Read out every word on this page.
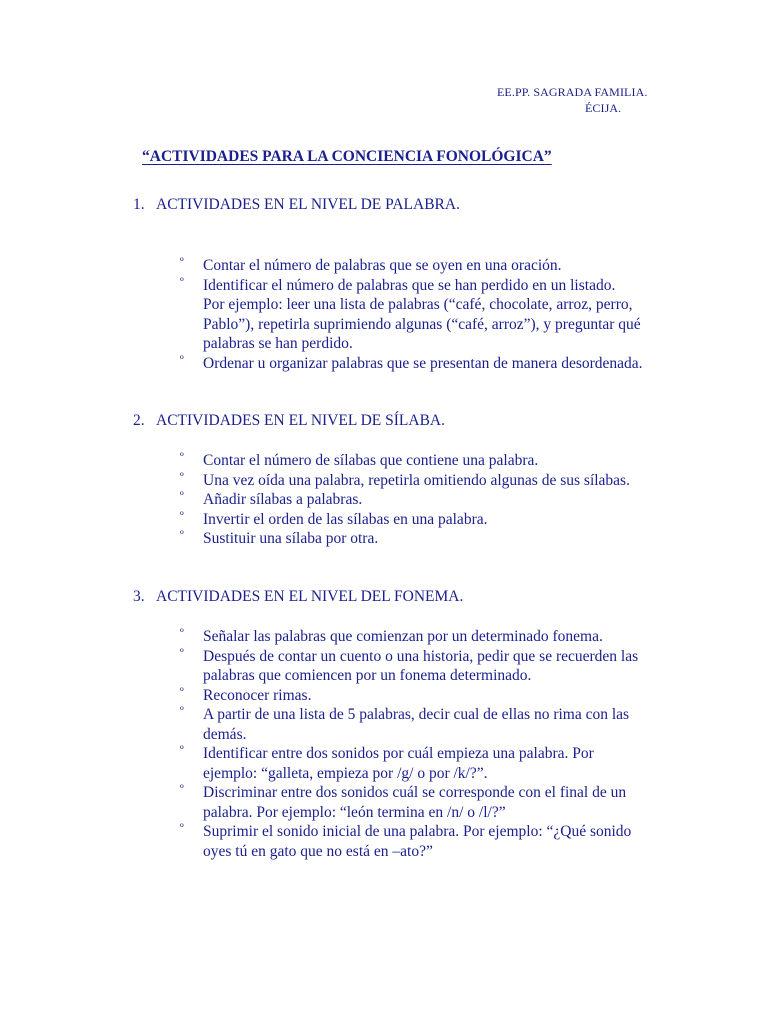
EE.PP. SAGRADA FAMILIA.
ÉCIJA.
“ACTIVIDADES PARA LA CONCIENCIA FONOLÓGICA”
1. ACTIVIDADES EN EL NIVEL DE PALABRA.
º Contar el número de palabras que se oyen en una oración.
º Identificar el número de palabras que se han perdido en un listado.    Por ejemplo: leer una lista de palabras (“café, chocolate, arroz, perro, Pablo”), repetirla suprimiendo algunas (“café, arroz”), y preguntar qué palabras se han perdido.
º Ordenar u organizar palabras que se presentan de manera desordenada.
2. ACTIVIDADES EN EL NIVEL DE SÍLABA.
º Contar el número de sílabas que contiene una palabra.
º Una vez oída una palabra, repetirla omitiendo algunas de sus sílabas.
º Añadir sílabas a palabras.
º Invertir el orden de las sílabas en una palabra.
º Sustituir una sílaba por otra.
3. ACTIVIDADES EN EL NIVEL DEL FONEMA.
º Señalar las palabras que comienzan por un determinado fonema.
º Después de contar un cuento o una historia, pedir que se recuerden las palabras que comiencen por un fonema determinado.
º Reconocer rimas.
º A partir de una lista de 5 palabras, decir cual de ellas no rima con las demás.
º Identificar entre dos sonidos por cuál empieza una palabra. Por ejemplo: “galleta, empieza por /g/ o por /k/?”.
º Discriminar entre dos sonidos cuál se corresponde con el final de un palabra. Por ejemplo: “león termina en /n/ o /l/?”
º Suprimir el sonido inicial de una palabra. Por ejemplo: “¿Qué sonido oyes tú en gato que no está en –ato?”
